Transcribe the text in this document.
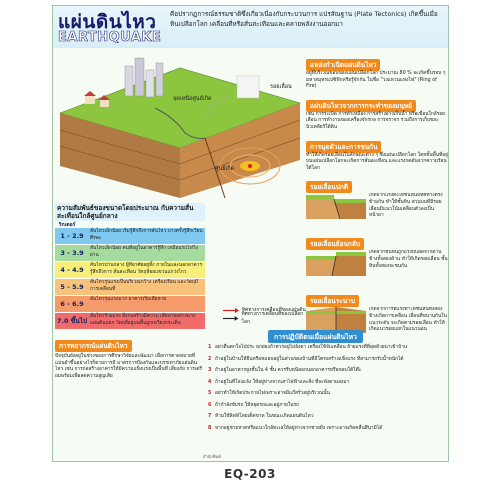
แผ่นดินไหว
EARTHQUAKE
คือปรากฏการณ์ธรรมชาติซึ่งเกี่ยวเนื่องกับกระบวนการ แปรสัณฐาน (Plate Tectonics) เกิดขึ้นเมื่อหินเปลือกโลก เคลื่อนที่หรือสั่นสะเทือนและคลายพลังงานออกมา
รอยเลื่อน
จุดเหนือศูนย์เกิด
ศูนย์เกิด
ความสัมพันธ์ของขนาดโดยประมาณ กับความสั่นสะเทือนใกล้ศูนย์กลาง
ริกเตอร์
1 - 2.9
สั่นไหวเล็กน้อย เริ่มรู้สึกถึงการสั่นไหว บางครั้งรู้สึกเวียนศีรษะ
3 - 3.9
สั่นไหวเล็กน้อย คนที่อยู่ในอาคารรู้สึก เหมือนรถไฟวิ่งผ่าน
4 - 4.9
สั่นไหวปานกลาง ผู้ที่อาศัยอยู่ทั้ง ภายในและนอกอาคารรู้สึกถึงการ สั่นสะเทือน วัตถุห้อยแขวนแกว่งไกว
5 - 5.9
สั่นไหวรุนแรงเป็นบริเวณกว้าง เครื่องเรือน และวัตถุมีการเคลื่อนที่
6 - 6.9
สั่นไหวรุนแรงมาก อาคารเริ่มเสียหาย
7.0 ขึ้นไป
สั่นไหวร้ายแรง สิ่งก่อสร้างมีความ เสียหายอย่างมาก แผ่นดินแยก วัตถุที่อยู่บนพื้นถูกเหวี่ยงกระเด็น
การพยากรณ์แผ่นดินไหว
ปัจจุบันยังอยู่ในช่วงของการศึกษาวิจัยและพัฒนา เพื่อการคาดหมายที่แม่นยำขึ้นอย่างไรก็ตามการมี มาตรการป้องกันและบรรเทาภัยแผ่นดินไหว เช่น การก่อสร้างอาคารให้มีความแข็งแรงเป็นพื้นที่ เสี่ยงภัย การเตรียมพร้อมเพื่อลดความสูญเสีย
แหล่งกำเนิดแผ่นดินไหว
อยู่ที่บริเวณขอบของแผ่นเปลือกโลก ประมาณ 80 % จะเกิดขึ้นรอบ ๆ มหาสมุทรแปซิฟิกหรือรู้จักกัน ในชื่อ "วงแหวนแห่งไฟ" (Ring of Fire)
แผ่นดินไหวจากการกระทำของมนุษย์
เช่น การระเบิด การทำเหมือง การสร้างอ่างเก็บน้ำ หรือเขื่อนใกล้รอยเลื่อน การทำงานของเครื่องจักรกล การจราจร รวมถึงการเก็บขยะนิวเคลียร์ใต้ดิน
การมุดตัวและการชนกัน
ทำให้เกิดรอยเลื่อนในลักษณะต่าง ๆ ซึ่งแผ่นเปลือกโลก โดยขั้นพื้นที่อยู่บนแผ่นเปลือกโลกจะเกิดการสั่นสะเทือน และแรงกดดันจากความร้อนใต้โลก
รอยเลื่อนปกติ
เกิดจากแรงดึงให้ชั้นหินมีทิศทางตรงข้ามกัน ทำให้ชั้นหิน ส่วนบนที่มีรอยเลื่อนมีแนวโน้มเคลื่อนตัวลงเป็นหน้าผา
รอยเลื่อนย้อนกลับ
เกิดจากชั้นหินถูกแรงบีบอัดจากด้านข้างทั้งสองด้าน ทำให้เกิดรอยเลื่อน ชั้นหินทั้งสองจะชนกัน
รอยเลื่อนระนาบ
เกิดจากการที่แรงทำให้ชั้นหินทั้งสองข้างเกิดการเคลื่อน เลื่อนที่ขนานกันในแนวระดับ จะเกิดตามรอยเลื่อน ทำให้เกิดแนวรอยแยกในแนวนอน
ทิศทางการเคลื่อนที่ของแผ่นดิน
ทิศทางการเคลื่อนที่ของเปลือกโลก
การปฏิบัติตนเมื่อแผ่นดินไหว
1 อย่าตื่นตกใจไปประ ยกย่องถ้าควรอยู่ไม่ยั่งตา เครื่องใช้จับเคลื่อน ย้ายแรงที่ที่สุดด้วยมาเข้าบ้าน
2 ถ้าอยู่ในบ้านให้ยืนหรือหมอบอยู่ในส่วนของบ้านที่มีโครงสร้างแข็งแรง ที่สามารถรับน้ำหนักได้
3 ถ้าอยู่ในอาคารสูงชั้นใน 4 ชั้น ควรรีบหนีออกนอกอาคารหรือหลบใต้โต๊ะ
4 ถ้าอยู่ในที่โล่งแจ้ง ให้อยู่ห่างจากเสาไฟฟ้าและสิ่ง ที่จะพังตามลงมา
5 อย่าทำให้เกิดประกายไฟเพราะอาจมีแก๊สรั่วอยู่บริเวณนั้น
6 ถ้ากำลังขับรถ ให้หยุดรถและอยู่ภายในรถ
7 ห้ามใช้ลิฟท์โดยเด็ดขาด ในขณะเกิดแผ่นดินไหว
8 หากอยู่ชายหาดหรือแนวใกล้ทะเลให้อยู่ห่างจากชายฝั่ง เพราะอาจเกิดคลื่นสึนามิได้
สำนักพิมพ์
EQ-203
